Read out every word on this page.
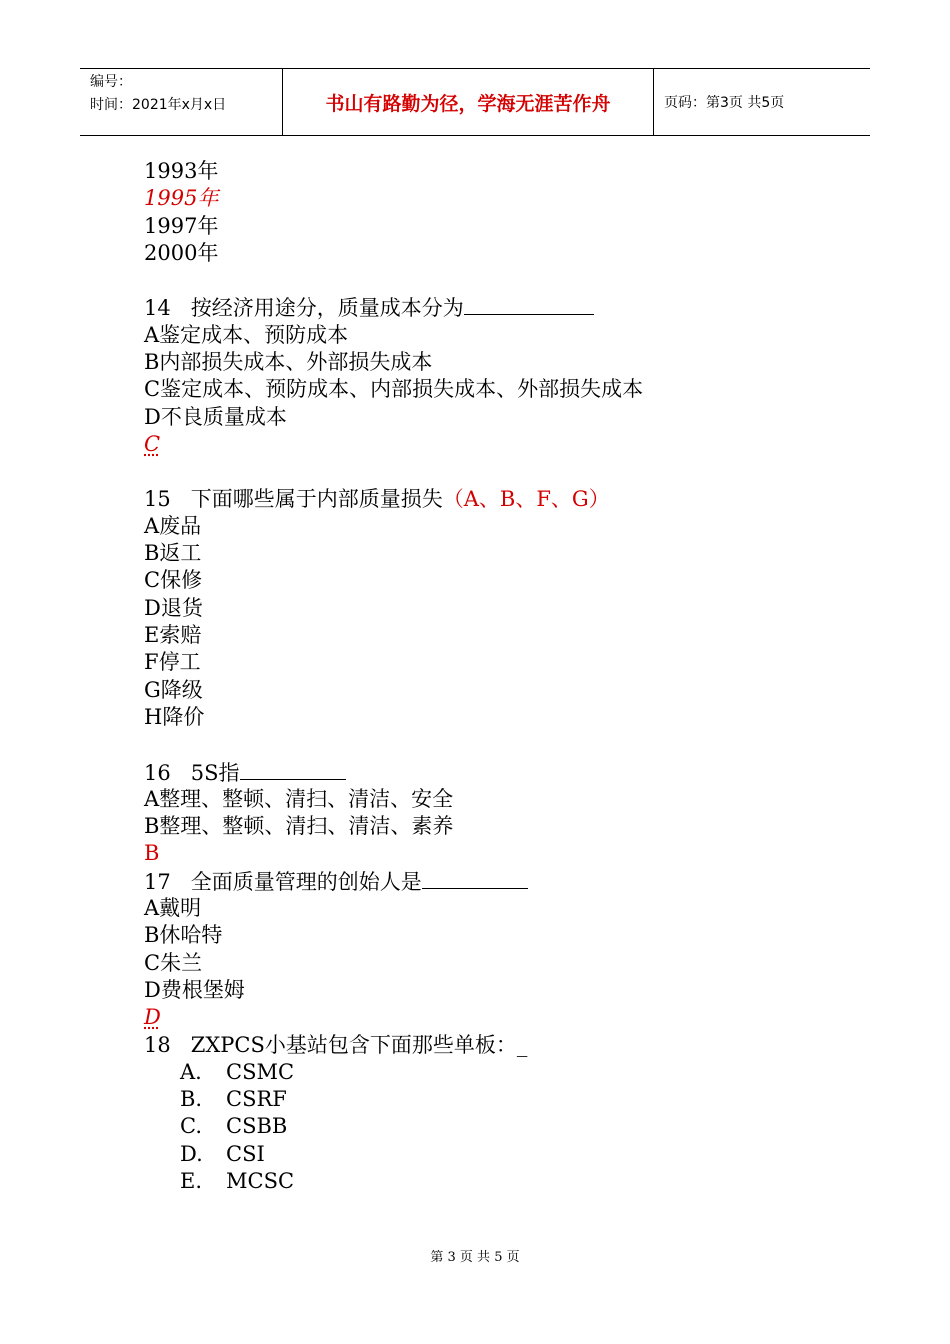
编号：
时间：2021年x月x日	书山有路勤为径，学海无涯苦作舟	页码：第3页 共5页
1993年
1995年
1997年
2000年
14   按经济用途分，质量成本分为
A鉴定成本、预防成本
B内部损失成本、外部损失成本
C鉴定成本、预防成本、内部损失成本、外部损失成本
D不良质量成本
C
15   下面哪些属于内部质量损失（A、B、F、G）
A废品
B返工
C保修
D退货
E索赔
F停工
G降级
H降价
16   5S指
A整理、整顿、清扫、清洁、安全
B整理、整顿、清扫、清洁、素养
B
17   全面质量管理的创始人是
A戴明
B休哈特
C朱兰
D费根堡姆
D
18   ZXPCS小基站包含下面那些单板：_
A. CSMC
B. CSRF
C. CSBB
D. CSI
E. MCSC
第 3 页 共 5 页
